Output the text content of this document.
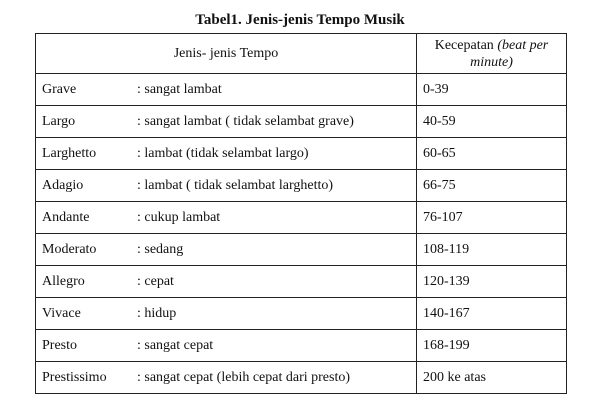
Tabel1. Jenis-jenis Tempo Musik
Jenis- jenis Tempo	Kecepatan (beat per
minute)

Grave : sangat lambat	0-39

Largo : sangat lambat ( tidak selambat grave)	40-59

Larghetto : lambat (tidak selambat largo)	60-65

Adagio : lambat ( tidak selambat larghetto)	66-75

Andante : cukup lambat	76-107

Moderato : sedang	108-119

Allegro : cepat	120-139

Vivace : hidup	140-167

Presto : sangat cepat	168-199

Prestissimo : sangat cepat (lebih cepat dari presto)	200 ke atas
